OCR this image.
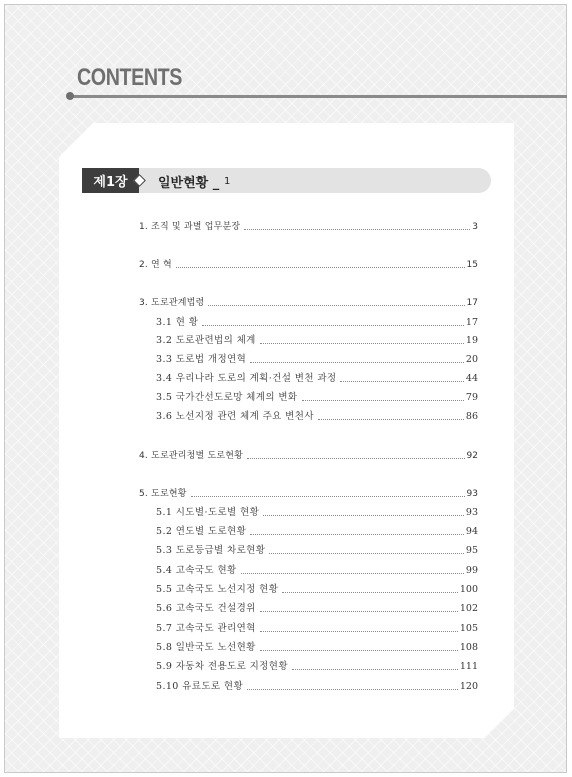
CONTENTS
제1장	일반현황 _ 1
1. 조직 및 과별 업무분장	3
2. 연 혁	15
3. 도로관계법령	17
3.1 현 황	17
3.2 도로관련법의 체계	19
3.3 도로법 개정연혁	20
3.4 우리나라 도로의 계획·건설 변천 과정	44
3.5 국가간선도로망 체계의 변화	79
3.6 노선지정 관련 체계 주요 변천사	86
4. 도로관리청별 도로현황	92
5. 도로현황	93
5.1 시도별·도로별 현황	93
5.2 연도별 도로현황	94
5.3 도로등급별 차로현황	95
5.4 고속국도 현황	99
5.5 고속국도 노선지정 현황	100
5.6 고속국도 건설경위	102
5.7 고속국도 관리연혁	105
5.8 일반국도 노선현황	108
5.9 자동차 전용도로 지정현황	111
5.10 유료도로 현황	120
